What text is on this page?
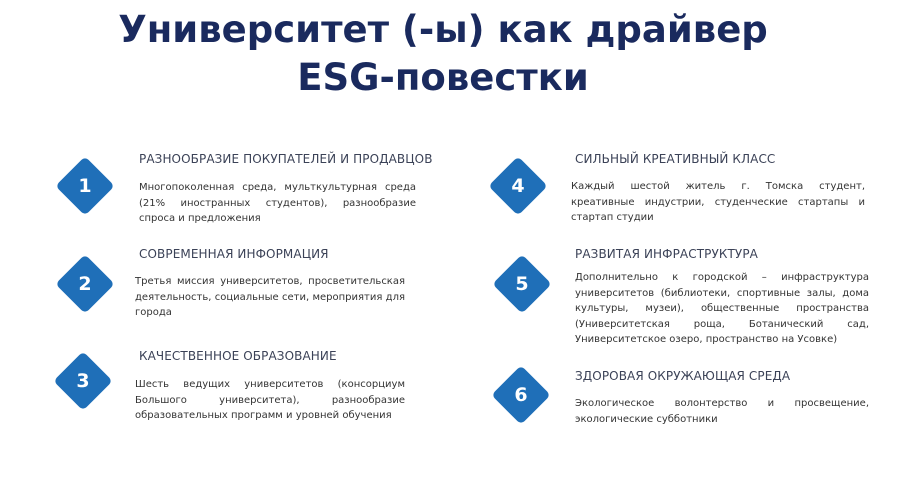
Университет (-ы) как драйвер
ESG-повестки
1
РАЗНООБРАЗИЕ ПОКУПАТЕЛЕЙ И ПРОДАВЦОВ
Многопоколенная среда, мульткультурная среда (21% иностранных студентов), разнообразие спроса и предложения
2
СОВРЕМЕННАЯ ИНФОРМАЦИЯ
Третья миссия университетов, просветительская деятельность, социальные сети, мероприятия для города
3
КАЧЕСТВЕННОЕ ОБРАЗОВАНИЕ
Шесть ведущих университетов (консорциум Большого университета), разнообразие образовательных программ и уровней обучения
4
СИЛЬНЫЙ КРЕАТИВНЫЙ КЛАСС
Каждый шестой житель г. Томска студент, креативные индустрии, студенческие стартапы и стартап студии
5
РАЗВИТАЯ ИНФРАСТРУКТУРА
Дополнительно к городской – инфраструктура университетов (библиотеки, спортивные залы, дома культуры, музеи), общественные пространства (Университетская роща, Ботанический сад, Университетское озеро, пространство на Усовке)
6
ЗДОРОВАЯ ОКРУЖАЮЩАЯ СРЕДА
Экологическое волонтерство и просвещение, экологические субботники
